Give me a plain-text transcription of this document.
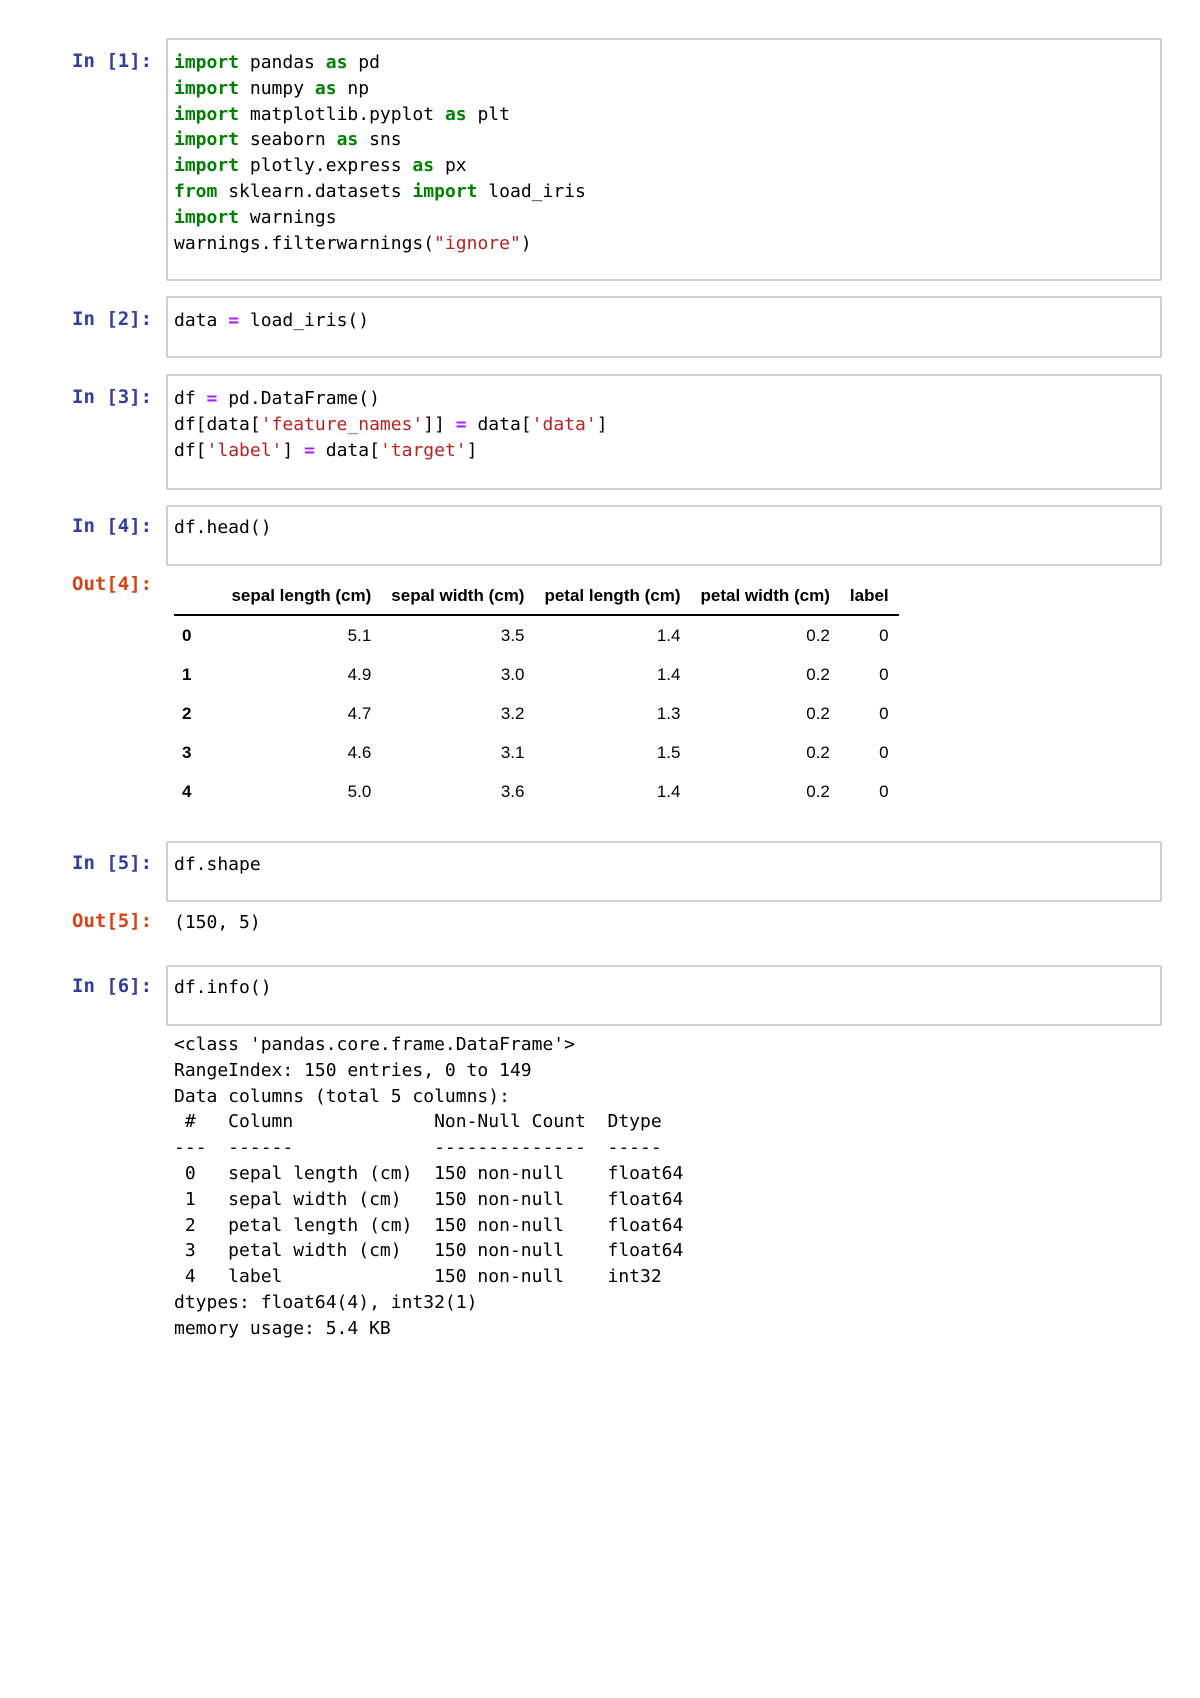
In [1]:	import pandas as pd
import numpy as np
import matplotlib.pyplot as plt
import seaborn as sns
import plotly.express as px
from sklearn.datasets import load_iris
import warnings
warnings.filterwarnings("ignore")
In [2]:	data = load_iris()
In [3]:	df = pd.DataFrame()
df[data['feature_names']] = data['data']
df['label'] = data['target']
In [4]:	df.head()
Out[4]:
	sepal length (cm)	sepal width (cm)	petal length (cm)	petal width (cm)	label
0	5.1	3.5	1.4	0.2	0
1	4.9	3.0	1.4	0.2	0
2	4.7	3.2	1.3	0.2	0
3	4.6	3.1	1.5	0.2	0
4	5.0	3.6	1.4	0.2	0
In [5]:	df.shape
Out[5]:	(150, 5)
In [6]:	df.info()
<class 'pandas.core.frame.DataFrame'>
RangeIndex: 150 entries, 0 to 149
Data columns (total 5 columns):
#   Column             Non-Null Count  Dtype
---  ------             --------------  -----
0   sepal length (cm)  150 non-null    float64
1   sepal width (cm)   150 non-null    float64
2   petal length (cm)  150 non-null    float64
3   petal width (cm)   150 non-null    float64
4   label              150 non-null    int32
dtypes: float64(4), int32(1)
memory usage: 5.4 KB
